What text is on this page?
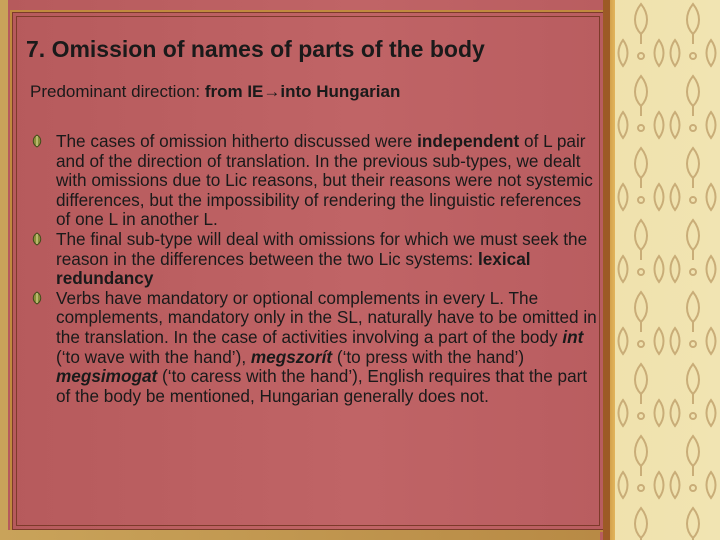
7. Omission of names of parts of the body

Predominant direction: from IE→into Hungarian

The cases of omission hitherto discussed were independent of L pair and of the direction of translation. In the previous sub-types, we dealt with omissions due to Lic reasons, but their reasons were not systemic differences, but the impossibility of rendering the linguistic references of one L in another L.
The final sub-type will deal with omissions for which we must seek the reason in the differences between the two Lic systems: lexical redundancy
Verbs have mandatory or optional complements in every L. The complements, mandatory only in the SL, naturally have to be omitted in the translation. In the case of activities involving a part of the body int (‘to wave with the hand’), megszorít (‘to press with the hand’) megsimogat (‘to caress with the hand’), English requires that the part of the body be mentioned, Hungarian generally does not.
